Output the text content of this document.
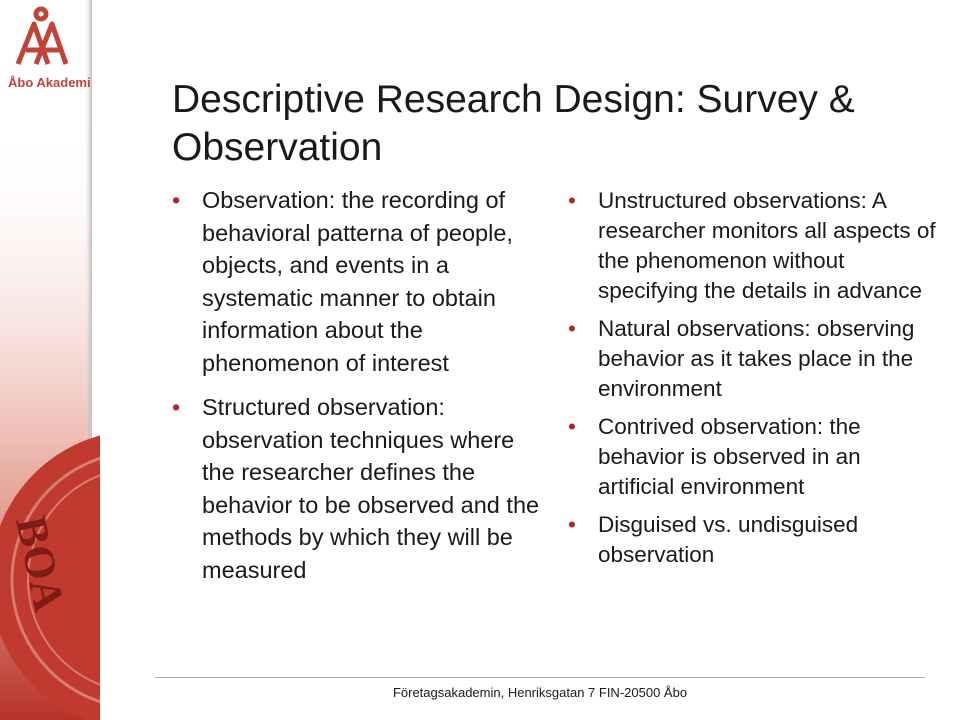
Åbo Akademi
BOA
Descriptive Research Design: Survey & Observation
• Observation: the recording of behavioral patterna of people, objects, and events in a systematic manner to obtain information about the phenomenon of interest
• Structured observation: observation techniques where the researcher defines the behavior to be observed and the methods by which they will be measured
• Unstructured observations: A researcher monitors all aspects of the phenomenon without specifying the details in advance
• Natural observations: observing behavior as it takes place in the environment
• Contrived observation: the behavior is observed in an artificial environment
• Disguised vs. undisguised observation
Företagsakademin, Henriksgatan 7 FIN-20500 Åbo
